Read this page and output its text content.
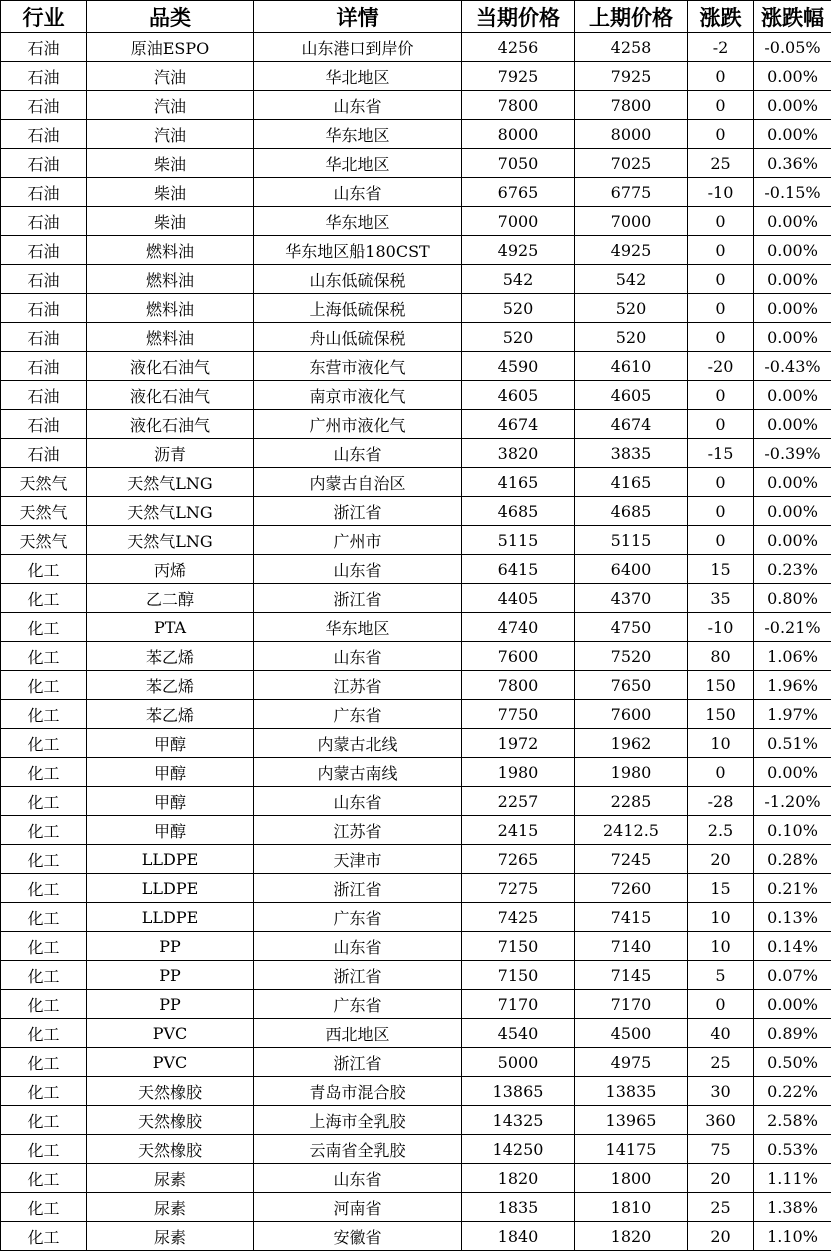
行业	品类	详情	当期价格	上期价格	涨跌	涨跌幅
石油	原油ESPO	山东港口到岸价	4256	4258	-2	-0.05%
石油	汽油	华北地区	7925	7925	0	0.00%
石油	汽油	山东省	7800	7800	0	0.00%
石油	汽油	华东地区	8000	8000	0	0.00%
石油	柴油	华北地区	7050	7025	25	0.36%
石油	柴油	山东省	6765	6775	-10	-0.15%
石油	柴油	华东地区	7000	7000	0	0.00%
石油	燃料油	华东地区船180CST	4925	4925	0	0.00%
石油	燃料油	山东低硫保税	542	542	0	0.00%
石油	燃料油	上海低硫保税	520	520	0	0.00%
石油	燃料油	舟山低硫保税	520	520	0	0.00%
石油	液化石油气	东营市液化气	4590	4610	-20	-0.43%
石油	液化石油气	南京市液化气	4605	4605	0	0.00%
石油	液化石油气	广州市液化气	4674	4674	0	0.00%
石油	沥青	山东省	3820	3835	-15	-0.39%
天然气	天然气LNG	内蒙古自治区	4165	4165	0	0.00%
天然气	天然气LNG	浙江省	4685	4685	0	0.00%
天然气	天然气LNG	广州市	5115	5115	0	0.00%
化工	丙烯	山东省	6415	6400	15	0.23%
化工	乙二醇	浙江省	4405	4370	35	0.80%
化工	PTA	华东地区	4740	4750	-10	-0.21%
化工	苯乙烯	山东省	7600	7520	80	1.06%
化工	苯乙烯	江苏省	7800	7650	150	1.96%
化工	苯乙烯	广东省	7750	7600	150	1.97%
化工	甲醇	内蒙古北线	1972	1962	10	0.51%
化工	甲醇	内蒙古南线	1980	1980	0	0.00%
化工	甲醇	山东省	2257	2285	-28	-1.20%
化工	甲醇	江苏省	2415	2412.5	2.5	0.10%
化工	LLDPE	天津市	7265	7245	20	0.28%
化工	LLDPE	浙江省	7275	7260	15	0.21%
化工	LLDPE	广东省	7425	7415	10	0.13%
化工	PP	山东省	7150	7140	10	0.14%
化工	PP	浙江省	7150	7145	5	0.07%
化工	PP	广东省	7170	7170	0	0.00%
化工	PVC	西北地区	4540	4500	40	0.89%
化工	PVC	浙江省	5000	4975	25	0.50%
化工	天然橡胶	青岛市混合胶	13865	13835	30	0.22%
化工	天然橡胶	上海市全乳胶	14325	13965	360	2.58%
化工	天然橡胶	云南省全乳胶	14250	14175	75	0.53%
化工	尿素	山东省	1820	1800	20	1.11%
化工	尿素	河南省	1835	1810	25	1.38%
化工	尿素	安徽省	1840	1820	20	1.10%
